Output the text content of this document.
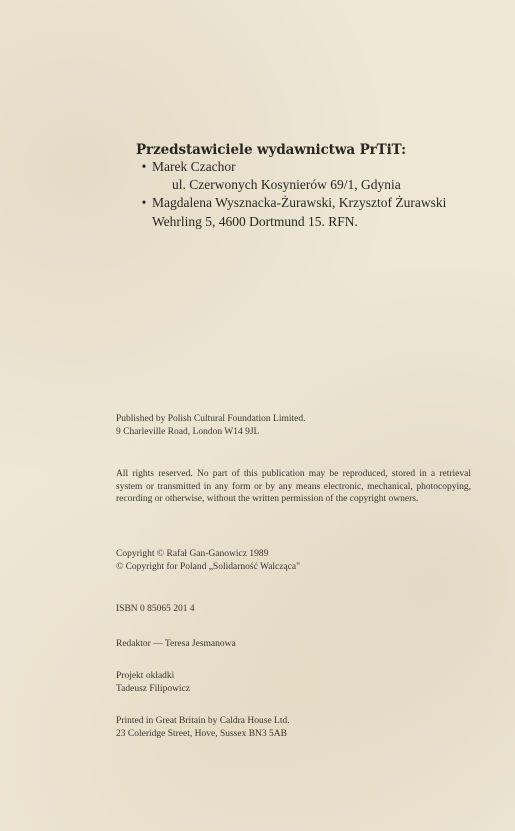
Przedstawiciele wydawnictwa PrTiT:
• Marek Czachor
ul. Czerwonych Kosynierów 69/1, Gdynia
• Magdalena Wysznacka-Żurawski, Krzysztof Żurawski
Wehrling 5, 4600 Dortmund 15. RFN.
Published by Polish Cultural Foundation Limited.
9 Charleville Road, London W14 9JL
All rights reserved. No part of this publication may be reproduced, stored in a retrieval system or transmitted in any form or by any means electronic, mechanical, photocopying, recording or otherwise, without the written permission of the copyright owners.
Copyright © Rafał Gan-Ganowicz 1989
© Copyright for Poland „Solidarność Walcząca"
ISBN 0 85065 201 4
Redaktor — Teresa Jesmanowa
Projekt okładki
Tadeusz Filipowicz
Printed in Great Britain by Caldra House Ltd.
23 Coleridge Street, Hove, Sussex BN3 5AB
